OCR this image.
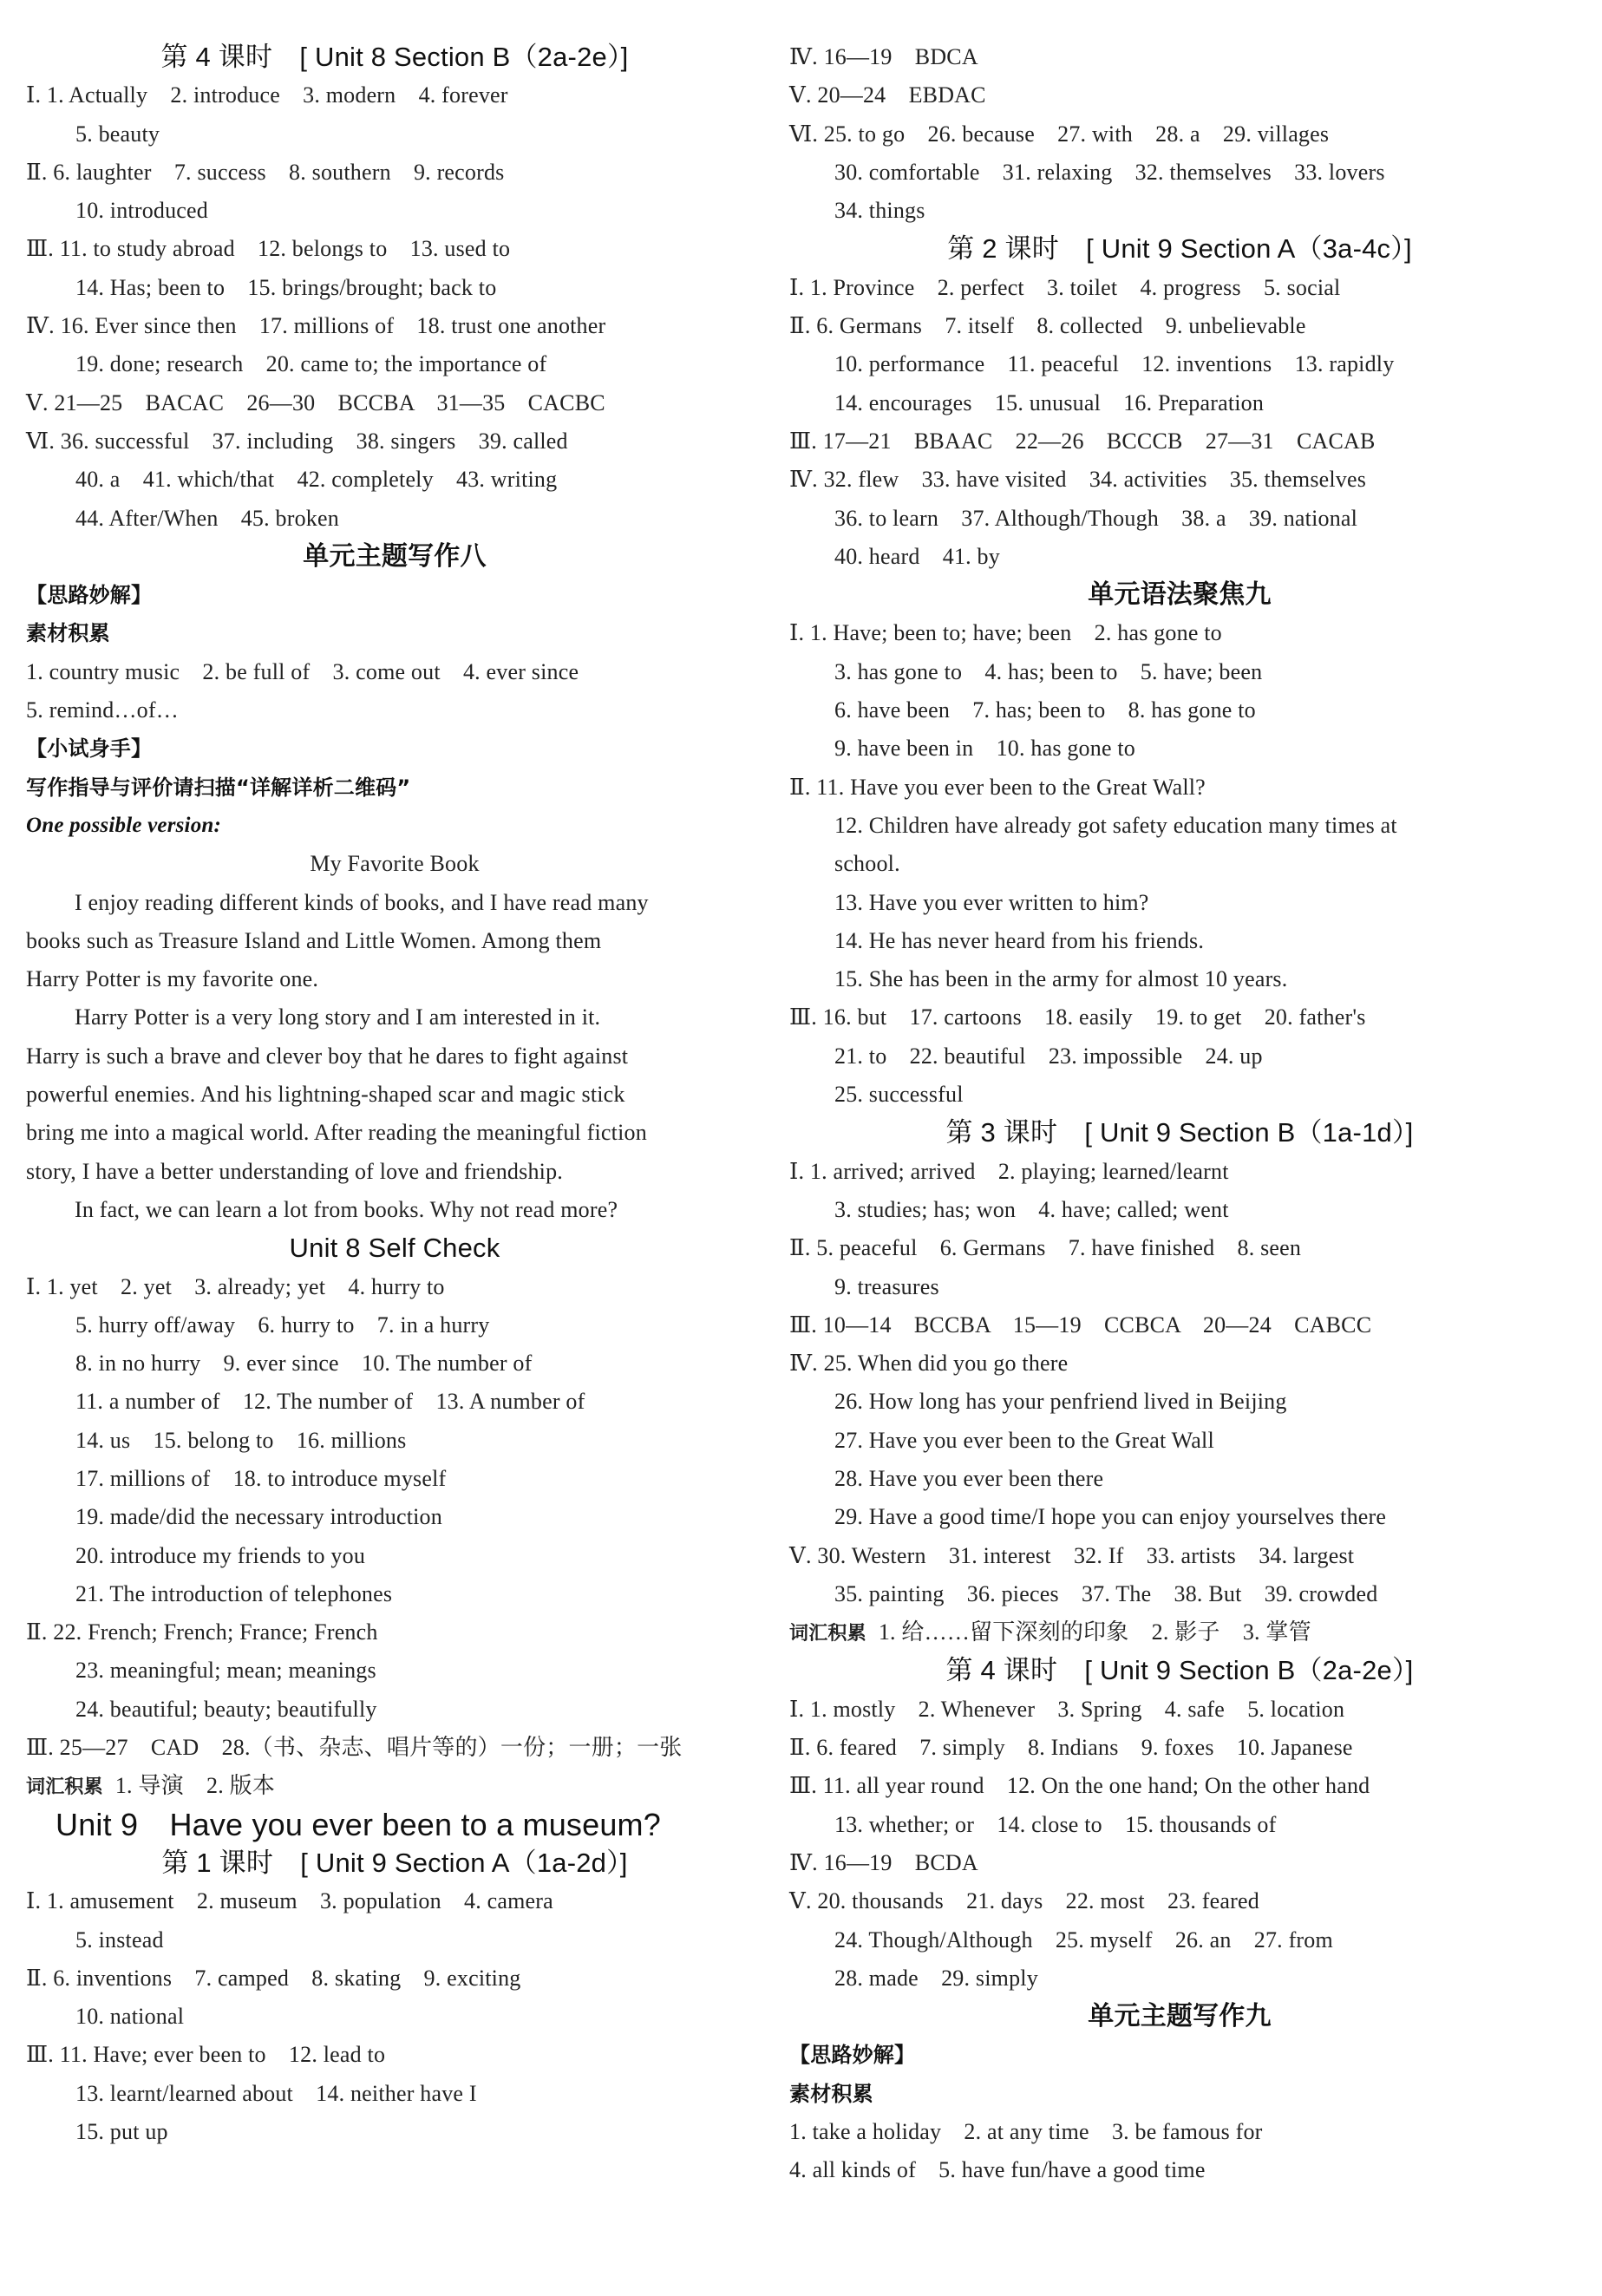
第 4 课时　[ Unit 8 Section B（2a-2e）]
Ⅰ. 1. Actually　2. introduce　3. modern　4. forever
5. beauty
Ⅱ. 6. laughter　7. success　8. southern　9. records
10. introduced
Ⅲ. 11. to study abroad　12. belongs to　13. used to
14. Has; been to　15. brings/brought; back to
Ⅳ. 16. Ever since then　17. millions of　18. trust one another
19. done; research　20. came to; the importance of
Ⅴ. 21—25　BACAC　26—30　BCCBA　31—35　CACBC
Ⅵ. 36. successful　37. including　38. singers　39. called
40. a　41. which/that　42. completely　43. writing
44. After/When　45. broken
单元主题写作八
【思路妙解】
素材积累
1. country music　2. be full of　3. come out　4. ever since
5. remind…of…
【小试身手】
写作指导与评价请扫描“详解详析二维码”
One possible version:
My Favorite Book
I enjoy reading different kinds of books, and I have read many
books such as Treasure Island and Little Women. Among them
Harry Potter is my favorite one.
Harry Potter is a very long story and I am interested in it.
Harry is such a brave and clever boy that he dares to fight against
powerful enemies. And his lightning-shaped scar and magic stick
bring me into a magical world. After reading the meaningful fiction
story, I have a better understanding of love and friendship.
In fact, we can learn a lot from books. Why not read more?
Unit 8 Self Check
Ⅰ. 1. yet　2. yet　3. already; yet　4. hurry to
5. hurry off/away　6. hurry to　7. in a hurry
8. in no hurry　9. ever since　10. The number of
11. a number of　12. The number of　13. A number of
14. us　15. belong to　16. millions
17. millions of　18. to introduce myself
19. made/did the necessary introduction
20. introduce my friends to you
21. The introduction of telephones
Ⅱ. 22. French; French; France; French
23. meaningful; mean; meanings
24. beautiful; beauty; beautifully
Ⅲ. 25—27　CAD　28.（书、杂志、唱片等的）一份；一册；一张
词汇积累 1. 导演　2. 版本
Unit 9　Have you ever been to a museum?
第 1 课时　[ Unit 9 Section A（1a-2d）]
Ⅰ. 1. amusement　2. museum　3. population　4. camera
5. instead
Ⅱ. 6. inventions　7. camped　8. skating　9. exciting
10. national
Ⅲ. 11. Have; ever been to　12. lead to
13. learnt/learned about　14. neither have I
15. put up
Ⅳ. 16—19　BDCA
Ⅴ. 20—24　EBDAC
Ⅵ. 25. to go　26. because　27. with　28. a　29. villages
30. comfortable　31. relaxing　32. themselves　33. lovers
34. things
第 2 课时　[ Unit 9 Section A（3a-4c）]
Ⅰ. 1. Province　2. perfect　3. toilet　4. progress　5. social
Ⅱ. 6. Germans　7. itself　8. collected　9. unbelievable
10. performance　11. peaceful　12. inventions　13. rapidly
14. encourages　15. unusual　16. Preparation
Ⅲ. 17—21　BBAAC　22—26　BCCCB　27—31　CACAB
Ⅳ. 32. flew　33. have visited　34. activities　35. themselves
36. to learn　37. Although/Though　38. a　39. national
40. heard　41. by
单元语法聚焦九
Ⅰ. 1. Have; been to; have; been　2. has gone to
3. has gone to　4. has; been to　5. have; been
6. have been　7. has; been to　8. has gone to
9. have been in　10. has gone to
Ⅱ. 11. Have you ever been to the Great Wall?
12. Children have already got safety education many times at
school.
13. Have you ever written to him?
14. He has never heard from his friends.
15. She has been in the army for almost 10 years.
Ⅲ. 16. but　17. cartoons　18. easily　19. to get　20. father's
21. to　22. beautiful　23. impossible　24. up
25. successful
第 3 课时　[ Unit 9 Section B（1a-1d）]
Ⅰ. 1. arrived; arrived　2. playing; learned/learnt
3. studies; has; won　4. have; called; went
Ⅱ. 5. peaceful　6. Germans　7. have finished　8. seen
9. treasures
Ⅲ. 10—14　BCCBA　15—19　CCBCA　20—24　CABCC
Ⅳ. 25. When did you go there
26. How long has your penfriend lived in Beijing
27. Have you ever been to the Great Wall
28. Have you ever been there
29. Have a good time/I hope you can enjoy yourselves there
Ⅴ. 30. Western　31. interest　32. If　33. artists　34. largest
35. painting　36. pieces　37. The　38. But　39. crowded
词汇积累 1. 给……留下深刻的印象　2. 影子　3. 掌管
第 4 课时　[ Unit 9 Section B（2a-2e）]
Ⅰ. 1. mostly　2. Whenever　3. Spring　4. safe　5. location
Ⅱ. 6. feared　7. simply　8. Indians　9. foxes　10. Japanese
Ⅲ. 11. all year round　12. On the one hand; On the other hand
13. whether; or　14. close to　15. thousands of
Ⅳ. 16—19　BCDA
Ⅴ. 20. thousands　21. days　22. most　23. feared
24. Though/Although　25. myself　26. an　27. from
28. made　29. simply
单元主题写作九
【思路妙解】
素材积累
1. take a holiday　2. at any time　3. be famous for
4. all kinds of　5. have fun/have a good time
